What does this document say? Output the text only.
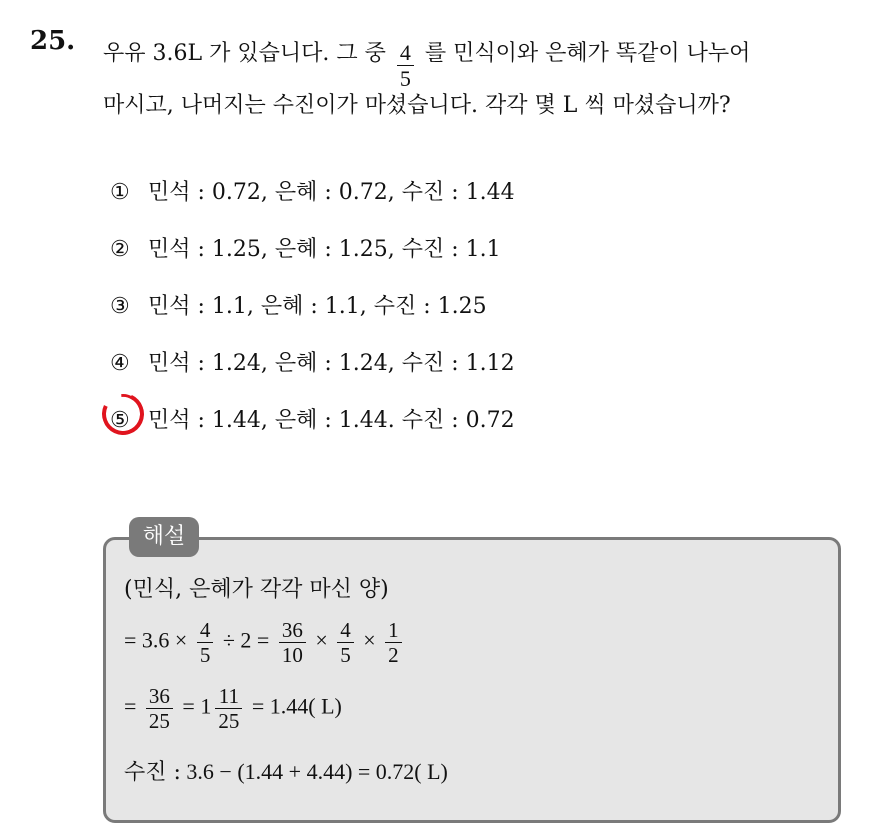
25. 우유 3.6L 가 있습니다. 그 중 $\frac{4}{5}$ 를 민식이와 은혜가 똑같이 나누어
마시고, 나머지는 수진이가 마셨습니다. 각각 몇 L 씩 마셨습니까?
① 민석 : 0.72, 은혜 : 0.72, 수진 : 1.44
② 민석 : 1.25, 은혜 : 1.25, 수진 : 1.1
③ 민석 : 1.1, 은혜 : 1.1, 수진 : 1.25
④ 민석 : 1.24, 은혜 : 1.24, 수진 : 1.12
⑤ 민석 : 1.44, 은혜 : 1.44. 수진 : 0.72
해설
(민식, 은혜가 각각 마신 양)
= $3.6 \times \frac{4}{5} \div 2 = \frac{36}{10} \times \frac{4}{5} \times \frac{1}{2}$
= $\frac{36}{25} = 1 \frac{11}{25} = 1.44$( L)
수진 : 3.6 − (1.44 + 4.44) = 0.72( L)
